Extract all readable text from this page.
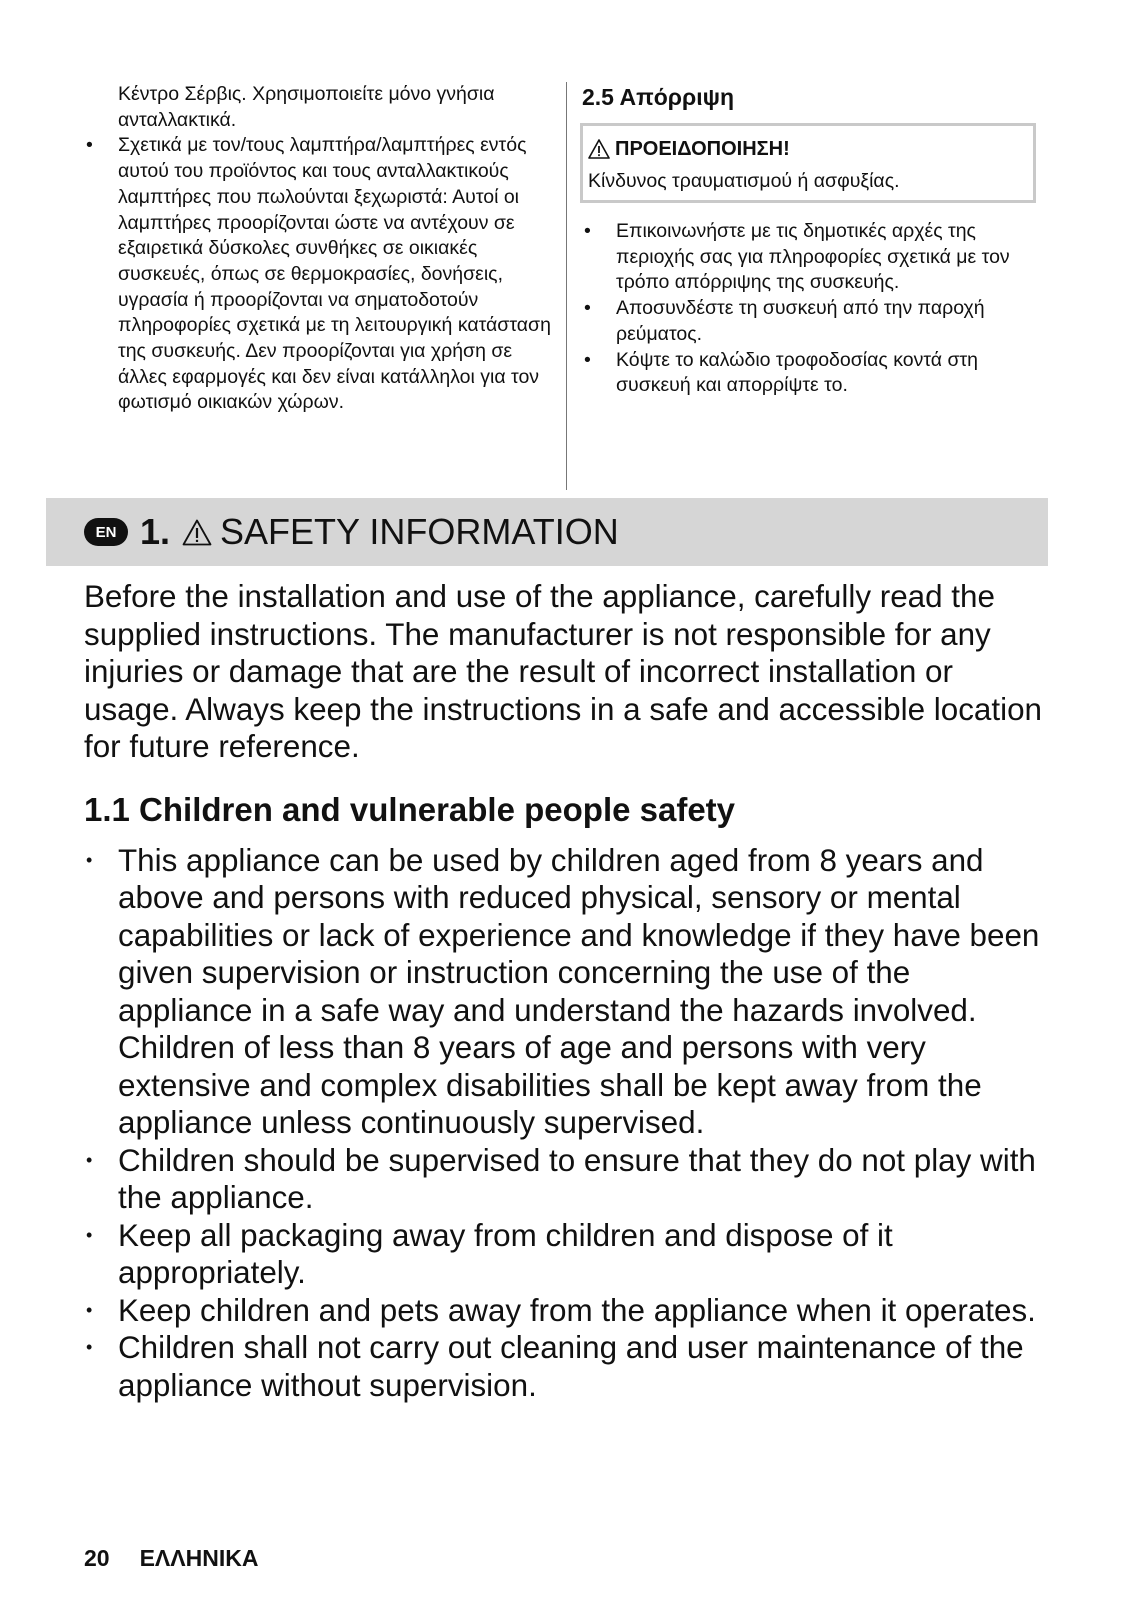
Κέντρο Σέρβις. Χρησιμοποιείτε μόνο γνήσια ανταλλακτικά.

• Σχετικά με τον/τους λαμπτήρα/λαμπτήρες εντός αυτού του προϊόντος και τους ανταλλακτικούς λαμπτήρες που πωλούνται ξεχωριστά: Αυτοί οι λαμπτήρες προορίζονται ώστε να αντέχουν σε εξαιρετικά δύσκολες συνθήκες σε οικιακές συσκευές, όπως σε θερμοκρασίες, δονήσεις, υγρασία ή προορίζονται να σηματοδοτούν πληροφορίες σχετικά με τη λειτουργική κατάσταση της συσκευής. Δεν προορίζονται για χρήση σε άλλες εφαρμογές και δεν είναι κατάλληλοι για τον φωτισμό οικιακών χώρων.
2.5 Απόρριψη
ΠΡΟΕΙΔΟΠΟΙΗΣΗ!
Κίνδυνος τραυματισμού ή ασφυξίας.
• Επικοινωνήστε με τις δημοτικές αρχές της περιοχής σας για πληροφορίες σχετικά με τον τρόπο απόρριψης της συσκευής.
• Αποσυνδέστε τη συσκευή από την παροχή ρεύματος.
• Κόψτε το καλώδιο τροφοδοσίας κοντά στη συσκευή και απορρίψτε το.
EN 1. SAFETY INFORMATION

Before the installation and use of the appliance, carefully read the supplied instructions. The manufacturer is not responsible for any injuries or damage that are the result of incorrect installation or usage. Always keep the instructions in a safe and accessible location for future reference.

1.1 Children and vulnerable people safety
• This appliance can be used by children aged from 8 years and above and persons with reduced physical, sensory or mental capabilities or lack of experience and knowledge if they have been given supervision or instruction concerning the use of the appliance in a safe way and understand the hazards involved. Children of less than 8 years of age and persons with very extensive and complex disabilities shall be kept away from the appliance unless continuously supervised.
• Children should be supervised to ensure that they do not play with the appliance.
• Keep all packaging away from children and dispose of it appropriately.
• Keep children and pets away from the appliance when it operates.
• Children shall not carry out cleaning and user maintenance of the appliance without supervision.
20 ΕΛΛΗΝΙΚΑ
